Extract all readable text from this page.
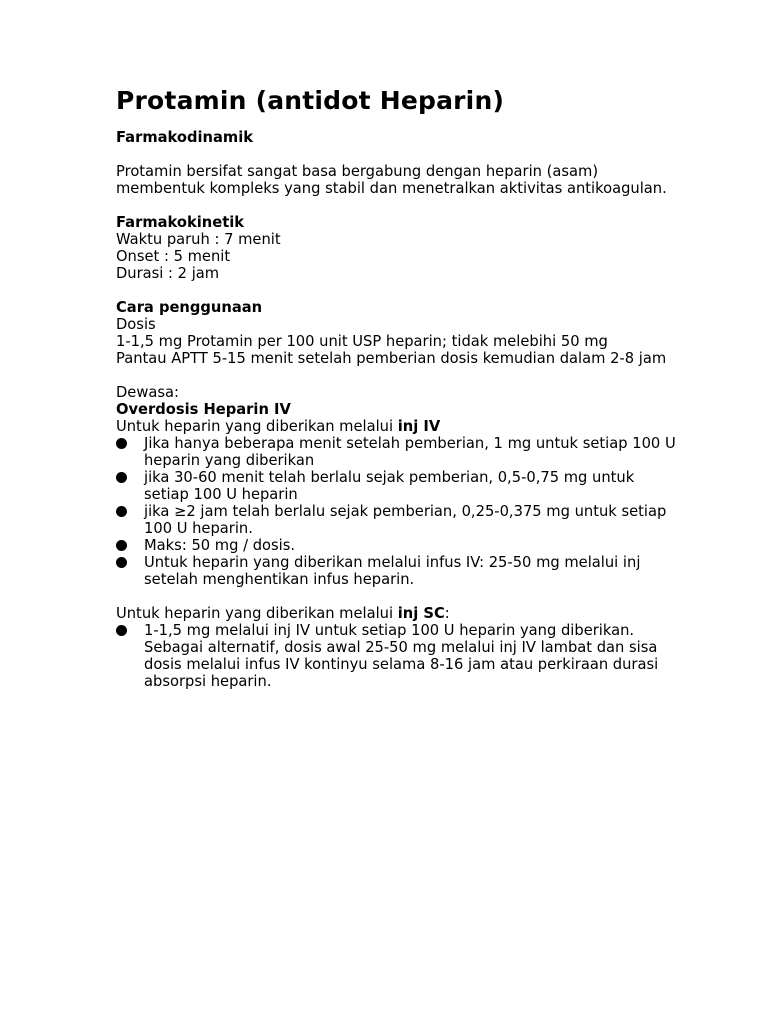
Protamin (antidot Heparin)

Farmakodinamik

Protamin bersifat sangat basa bergabung dengan heparin (asam) membentuk kompleks yang stabil dan menetralkan aktivitas antikoagulan.

Farmakokinetik

Waktu paruh : 7 menit

Onset : 5 menit

Durasi : 2 jam

Cara penggunaan

Dosis

1-1,5 mg Protamin per 100 unit USP heparin; tidak melebihi 50 mg

Pantau APTT 5-15 menit setelah pemberian dosis kemudian dalam 2-8 jam

Dewasa:

Overdosis Heparin IV

Untuk heparin yang diberikan melalui inj IV

Jika hanya beberapa menit setelah pemberian, 1 mg untuk setiap 100 U heparin yang diberikan
jika 30-60 menit telah berlalu sejak pemberian, 0,5-0,75 mg untuk setiap 100 U heparin
jika ≥2 jam telah berlalu sejak pemberian, 0,25-0,375 mg untuk setiap 100 U heparin.
Maks: 50 mg / dosis.
Untuk heparin yang diberikan melalui infus IV: 25-50 mg melalui inj setelah menghentikan infus heparin.

Untuk heparin yang diberikan melalui inj SC:

1-1,5 mg melalui inj IV untuk setiap 100 U heparin yang diberikan. Sebagai alternatif, dosis awal 25-50 mg melalui inj IV lambat dan sisa dosis melalui infus IV kontinyu selama 8-16 jam atau perkiraan durasi absorpsi heparin.
